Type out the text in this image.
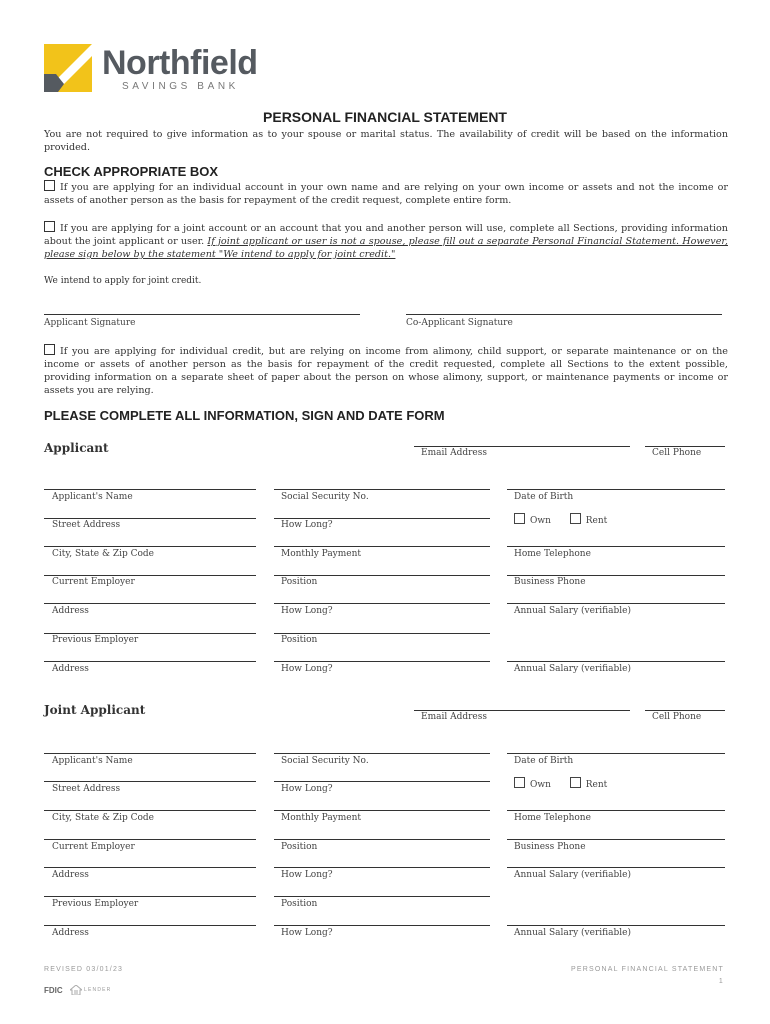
Northfield
SAVINGS BANK
PERSONAL FINANCIAL STATEMENT
You are not required to give information as to your spouse or marital status. The availability of credit will be based on the information provided.
CHECK APPROPRIATE BOX
If you are applying for an individual account in your own name and are relying on your own income or assets and not the income or assets of another person as the basis for repayment of the credit request, complete entire form.
If you are applying for a joint account or an account that you and another person will use, complete all Sections, providing information about the joint applicant or user. If joint applicant or user is not a spouse, please fill out a separate Personal Financial Statement. However, please sign below by the statement "We intend to apply for joint credit."
We intend to apply for joint credit.
Applicant Signature	Co-Applicant Signature
If you are applying for individual credit, but are relying on income from alimony, child support, or separate maintenance or on the income or assets of another person as the basis for repayment of the credit requested, complete all Sections to the extent possible, providing information on a separate sheet of paper about the person on whose alimony, support, or maintenance payments or income or assets you are relying.
PLEASE COMPLETE ALL INFORMATION, SIGN AND DATE FORM
Applicant	Email Address	Cell Phone
Applicant's Name	Social Security No.	Date of Birth
Street Address	How Long?	Own	Rent
City, State & Zip Code	Monthly Payment	Home Telephone
Current Employer	Position	Business Phone
Address	How Long?	Annual Salary (verifiable)
Previous Employer	Position
Address	How Long?	Annual Salary (verifiable)
Joint Applicant	Email Address	Cell Phone
Applicant's Name	Social Security No.	Date of Birth
Street Address	How Long?	Own	Rent
City, State & Zip Code	Monthly Payment	Home Telephone
Current Employer	Position	Business Phone
Address	How Long?	Annual Salary (verifiable)
Previous Employer	Position
Address	How Long?	Annual Salary (verifiable)
REVISED 03/01/23
FDIC	LENDER
PERSONAL FINANCIAL STATEMENT
1
